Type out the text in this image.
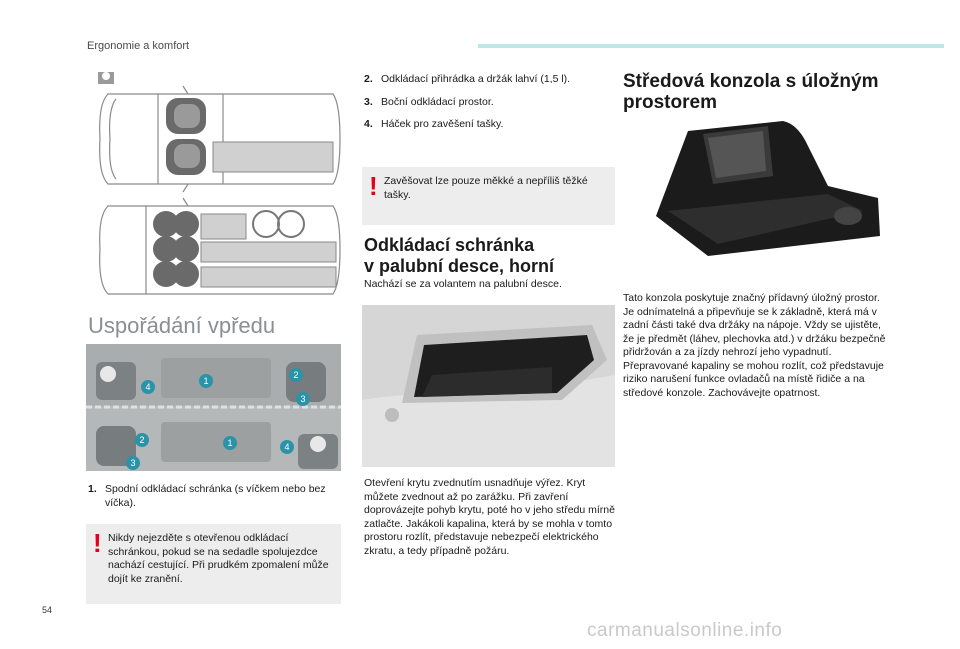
Ergonomie a komfort
Uspořádání vpředu
1
4
2
3
1
2
3
4
1. Spodní odkládací schránka (s víčkem nebo bez víčka).
! Nikdy nejezděte s otevřenou odkládací schránkou, pokud se na sedadle spolujezdce nachází cestující. Při prudkém zpomalení může dojít ke zranění.
2. Odkládací přihrádka a držák lahví (1,5 l).
3. Boční odkládací prostor.
4. Háček pro zavěšení tašky.
! Zavěšovat lze pouze měkké a nepříliš těžké tašky.
Odkládací schránka
v palubní desce, horní
Nachází se za volantem na palubní desce.
Otevření krytu zvednutím usnadňuje výřez. Kryt můžete zvednout až po zarážku. Při zavření doprovázejte pohyb krytu, poté ho v jeho středu mírně zatlačte. Jakákoli kapalina, která by se mohla v tomto prostoru rozlít, představuje nebezpečí elektrického zkratu, a tedy případně požáru.
Středová konzola s úložným
prostorem
Tato konzola poskytuje značný přídavný úložný prostor. Je odnímatelná a připevňuje se k základně, která má v zadní části také dva držáky na nápoje. Vždy se ujistěte, že je předmět (láhev, plechovka atd.) v držáku bezpečně přidržován a za jízdy nehrozí jeho vypadnutí. Přepravované kapaliny se mohou rozlít, což představuje riziko narušení funkce ovladačů na místě řidiče a na středové konzole. Zachovávejte opatrnost.
54
carmanualsonline.info
